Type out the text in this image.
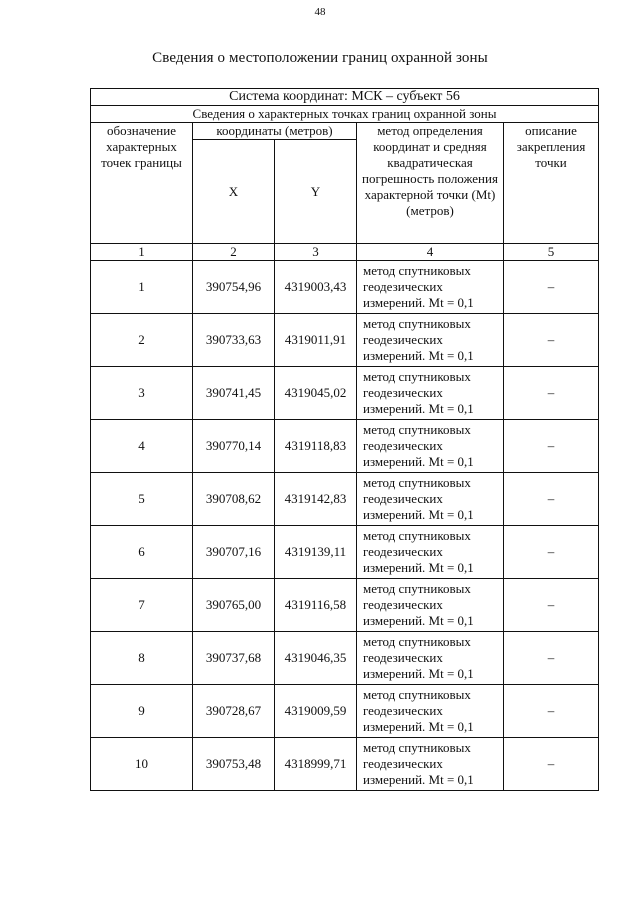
48
Сведения о местоположении границ охранной зоны
Система координат: МСК – субъект 56				
Сведения о характерных точках границ охранной зоны				
обозначение характерных точек границы	координаты (метров)		метод определения координат и средняя квадратическая погрешность положения характерной точки (Mt) (метров)	описание закрепления точки
	X	Y		
1	2	3	4	5
1	390754,96	4319003,43	метод спутниковых геодезических измерений. Mt = 0,1	–
2	390733,63	4319011,91	метод спутниковых геодезических измерений. Mt = 0,1	–
3	390741,45	4319045,02	метод спутниковых геодезических измерений. Mt = 0,1	–
4	390770,14	4319118,83	метод спутниковых геодезических измерений. Mt = 0,1	–
5	390708,62	4319142,83	метод спутниковых геодезических измерений. Mt = 0,1	–
6	390707,16	4319139,11	метод спутниковых геодезических измерений. Mt = 0,1	–
7	390765,00	4319116,58	метод спутниковых геодезических измерений. Mt = 0,1	–
8	390737,68	4319046,35	метод спутниковых геодезических измерений. Mt = 0,1	–
9	390728,67	4319009,59	метод спутниковых геодезических измерений. Mt = 0,1	–
10	390753,48	4318999,71	метод спутниковых геодезических измерений. Mt = 0,1	–
